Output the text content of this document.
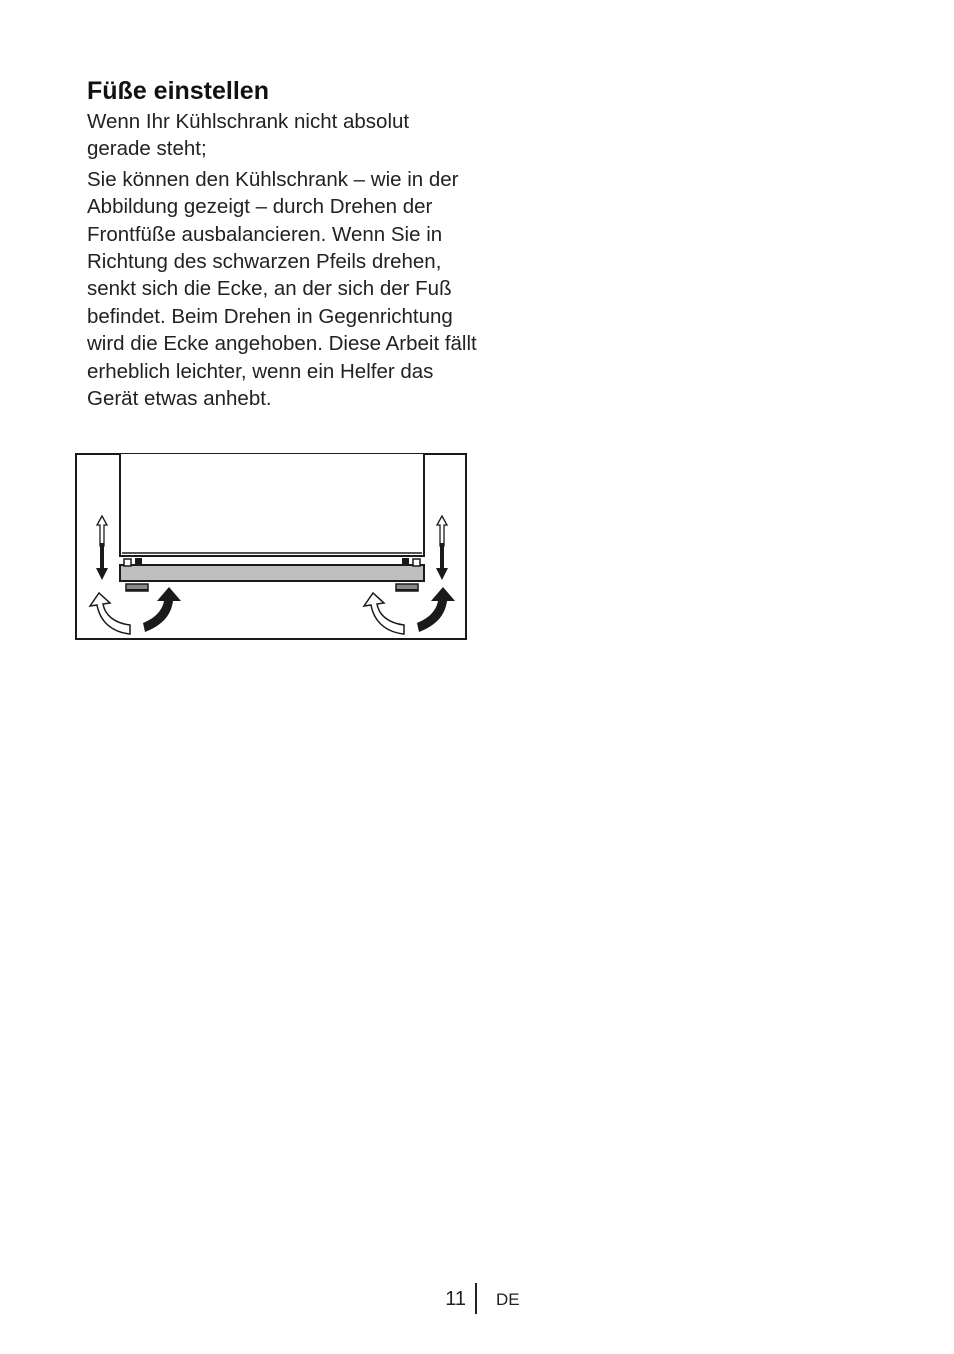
Füße einstellen

Wenn Ihr Kühlschrank nicht absolut gerade steht;

Sie können den Kühlschrank – wie in der Abbildung gezeigt – durch Drehen der Frontfüße ausbalancieren. Wenn Sie in Richtung des schwarzen Pfeils drehen, senkt sich die Ecke, an der sich der Fuß befindet. Beim Drehen in Gegenrichtung wird die Ecke angehoben. Diese Arbeit fällt erheblich leichter, wenn ein Helfer das Gerät etwas anhebt.

11 DE
